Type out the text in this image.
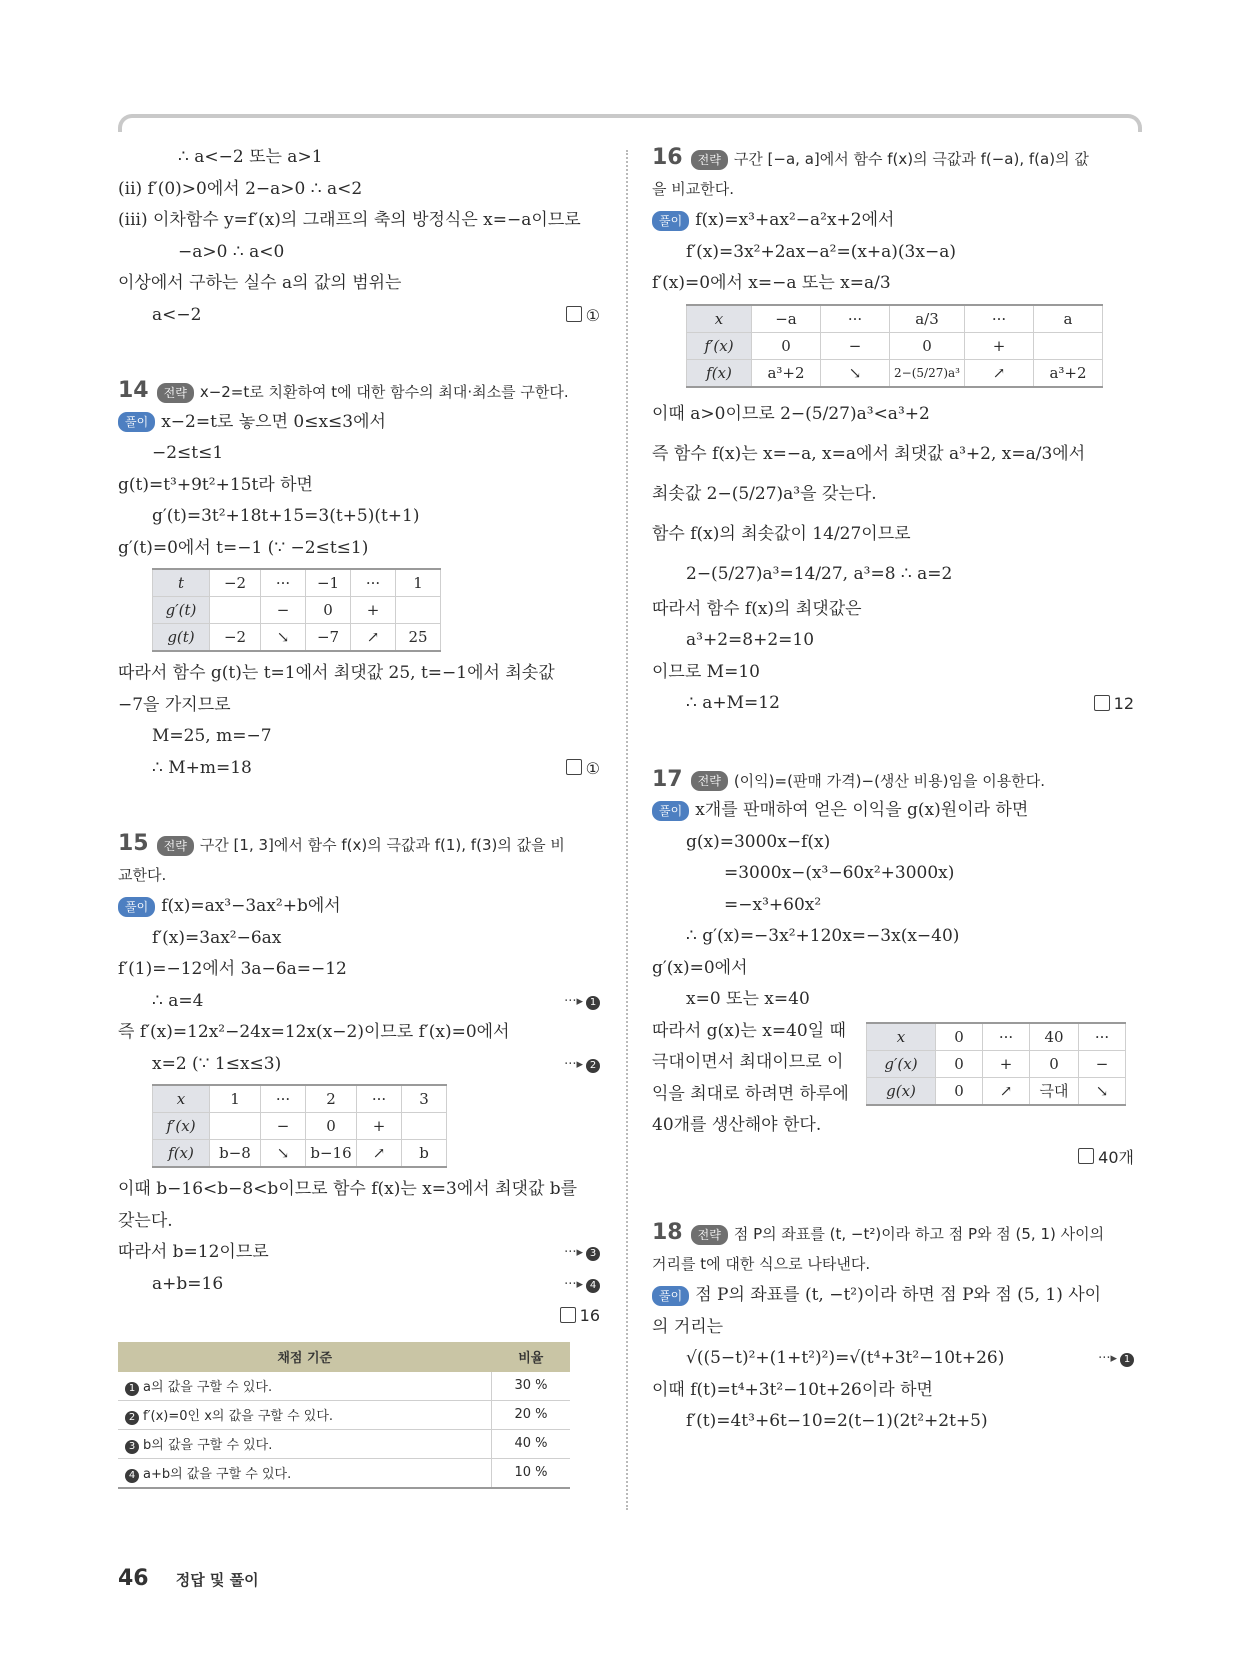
∴ a<−2 또는 a>1
(ii) f′(0)>0에서 2−a>0 ∴ a<2
(iii) 이차함수 y=f′(x)의 그래프의 축의 방정식은 x=−a이므로
−a>0 ∴ a<0
이상에서 구하는 실수 a의 값의 범위는
a<−2	①
14 전략 x−2=t로 치환하여 t에 대한 함수의 최대·최소를 구한다.
풀이 x−2=t로 놓으면 0≤x≤3에서
−2≤t≤1
g(t)=t³+9t²+15t라 하면
g′(t)=3t²+18t+15=3(t+5)(t+1)
g′(t)=0에서 t=−1 (∵ −2≤t≤1)
t	−2	···	−1	···	1
g′(t)		−	0	+	
g(t)	−2	↘	−7	↗	25
따라서 함수 g(t)는 t=1에서 최댓값 25, t=−1에서 최솟값
−7을 가지므로
M=25, m=−7
∴ M+m=18	①
15 전략 구간 [1, 3]에서 함수 f(x)의 극값과 f(1), f(3)의 값을 비
교한다.
풀이 f(x)=ax³−3ax²+b에서
f′(x)=3ax²−6ax
f′(1)=−12에서 3a−6a=−12
∴ a=4	···▸ 1
즉 f′(x)=12x²−24x=12x(x−2)이므로 f′(x)=0에서
x=2 (∵ 1≤x≤3)	···▸ 2
x	1	···	2	···	3
f′(x)		−	0	+	
f(x)	b−8	↘	b−16	↗	b
이때 b−16<b−8<b이므로 함수 f(x)는 x=3에서 최댓값 b를
갖는다.
따라서 b=12이므로	···▸ 3
a+b=16	···▸ 4
16
채점 기준	비율
1 a의 값을 구할 수 있다.	30 %
2 f′(x)=0인 x의 값을 구할 수 있다.	20 %
3 b의 값을 구할 수 있다.	40 %
4 a+b의 값을 구할 수 있다.	10 %
16 전략 구간 [−a, a]에서 함수 f(x)의 극값과 f(−a), f(a)의 값
을 비교한다.
풀이 f(x)=x³+ax²−a²x+2에서
f′(x)=3x²+2ax−a²=(x+a)(3x−a)
f′(x)=0에서 x=−a 또는 x=a/3
x	−a	···	a/3	···	a
f′(x)	0	−	0	+	
f(x)	a³+2	↘	2−(5/27)a³	↗	a³+2
이때 a>0이므로 2−(5/27)a³<a³+2
즉 함수 f(x)는 x=−a, x=a에서 최댓값 a³+2, x=a/3에서
최솟값 2−(5/27)a³을 갖는다.
함수 f(x)의 최솟값이 14/27이므로
2−(5/27)a³=14/27, a³=8 ∴ a=2
따라서 함수 f(x)의 최댓값은
a³+2=8+2=10
이므로 M=10
∴ a+M=12	12
17 전략 (이익)=(판매 가격)−(생산 비용)임을 이용한다.
풀이 x개를 판매하여 얻은 이익을 g(x)원이라 하면
g(x)=3000x−f(x)
=3000x−(x³−60x²+3000x)
=−x³+60x²
∴ g′(x)=−3x²+120x=−3x(x−40)
g′(x)=0에서
x=0 또는 x=40
따라서 g(x)는 x=40일 때
극대이면서 최대이므로 이
익을 최대로 하려면 하루에
40개를 생산해야 한다.
x	0	···	40	···
g′(x)	0	+	0	−
g(x)	0	↗	극대	↘
40개
18 전략 점 P의 좌표를 (t, −t²)이라 하고 점 P와 점 (5, 1) 사이의
거리를 t에 대한 식으로 나타낸다.
풀이 점 P의 좌표를 (t, −t²)이라 하면 점 P와 점 (5, 1) 사이
의 거리는
√((5−t)²+(1+t²)²)=√(t⁴+3t²−10t+26)	···▸ 1
이때 f(t)=t⁴+3t²−10t+26이라 하면
f′(t)=4t³+6t−10=2(t−1)(2t²+2t+5)
46 정답 및 풀이
